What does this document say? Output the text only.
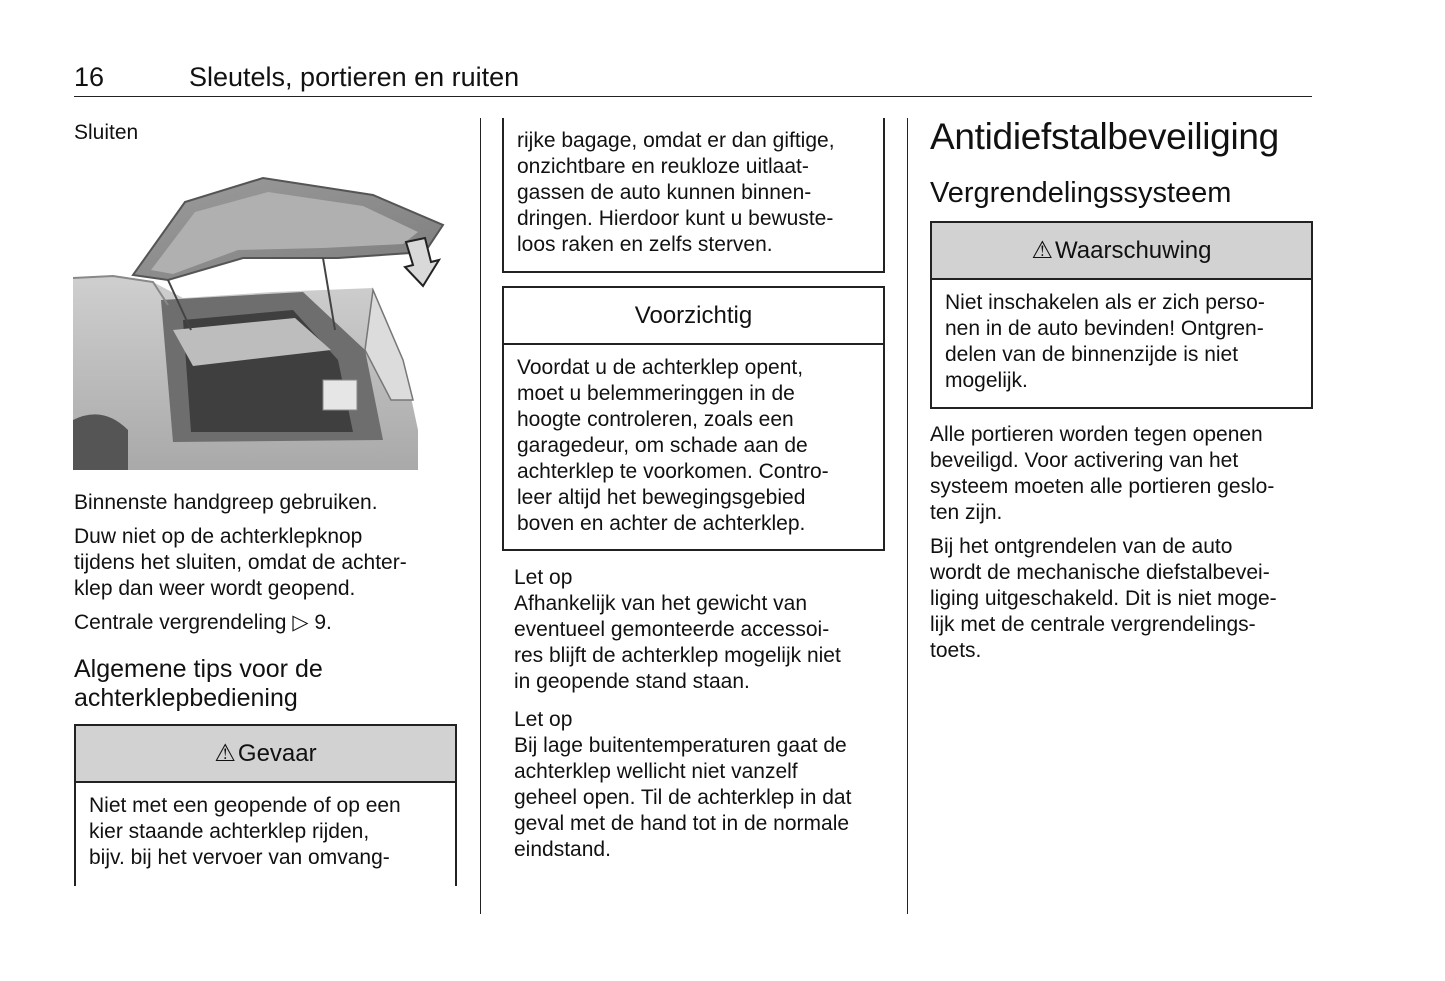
16	Sleutels, portieren en ruiten
Sluiten

Binnenste handgreep gebruiken.

Duw niet op de achterklepknop
tijdens het sluiten, omdat de achter-
klep dan weer wordt geopend.

Centrale vergrendeling ▷ 9.

Algemene tips voor de
achterklepbediening
⚠ Gevaar
Niet met een geopende of op een
kier staande achterklep rijden,
bijv. bij het vervoer van omvang-
rijke bagage, omdat er dan giftige,
onzichtbare en reukloze uitlaat-
gassen de auto kunnen binnen-
dringen. Hierdoor kunt u bewuste-
loos raken en zelfs sterven.
Voorzichtig
Voordat u de achterklep opent,
moet u belemmeringgen in de
hoogte controleren, zoals een
garagedeur, om schade aan de
achterklep te voorkomen. Contro-
leer altijd het bewegingsgebied
boven en achter de achterklep.
Let op
Afhankelijk van het gewicht van
eventueel gemonteerde accessoi-
res blijft de achterklep mogelijk niet
in geopende stand staan.
Let op
Bij lage buitentemperaturen gaat de
achterklep wellicht niet vanzelf
geheel open. Til de achterklep in dat
geval met de hand tot in de normale
eindstand.
Antidiefstalbeveiliging
Vergrendelingssysteem
⚠ Waarschuwing
Niet inschakelen als er zich perso-
nen in de auto bevinden! Ontgren-
delen van de binnenzijde is niet
mogelijk.

Alle portieren worden tegen openen
beveiligd. Voor activering van het
systeem moeten alle portieren geslo-
ten zijn.

Bij het ontgrendelen van de auto
wordt de mechanische diefstalbevei-
liging uitgeschakeld. Dit is niet moge-
lijk met de centrale vergrendelings-
toets.
